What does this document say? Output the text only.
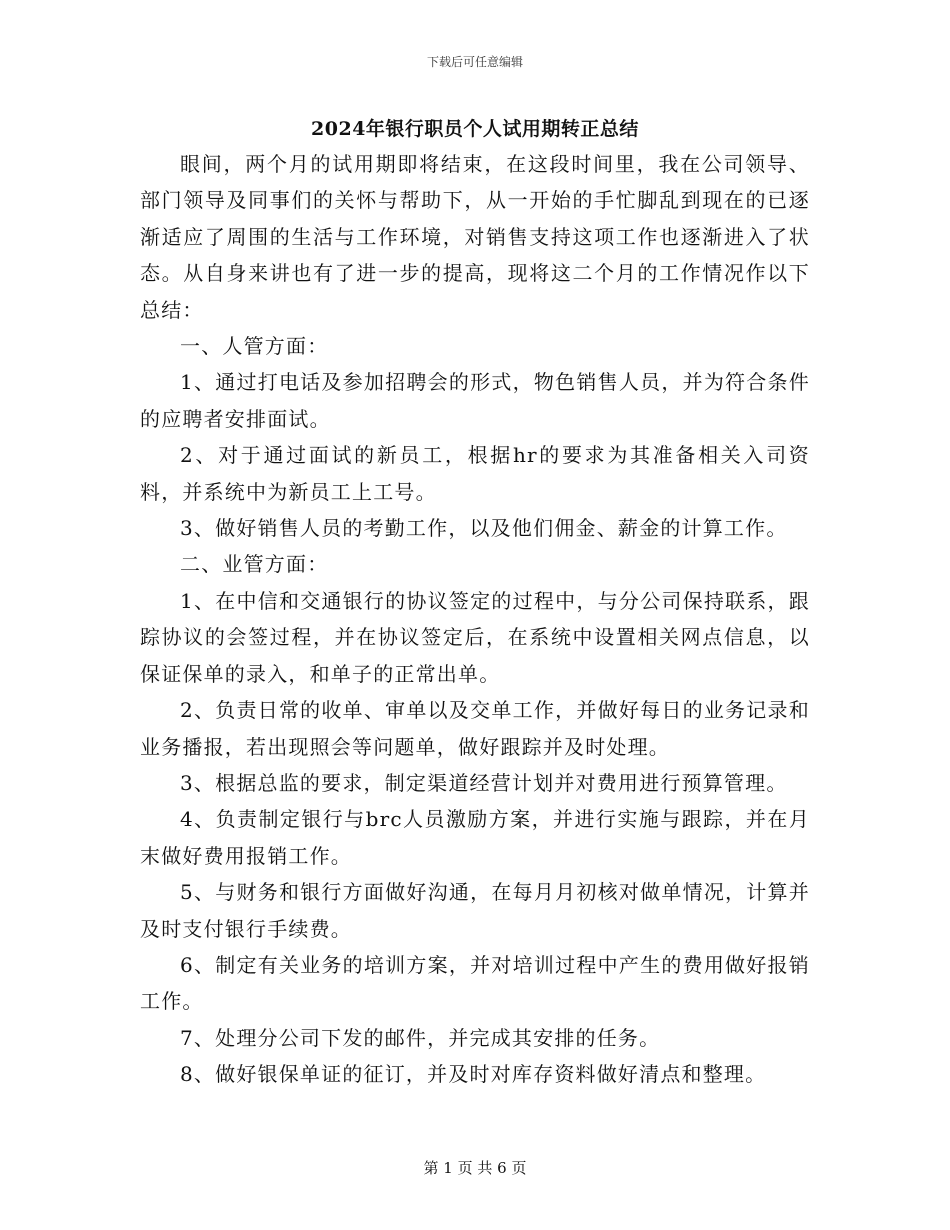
下载后可任意编辑
2024年银行职员个人试用期转正总结

眼间，两个月的试用期即将结束，在这段时间里，我在公司领导、部门领导及同事们的关怀与帮助下，从一开始的手忙脚乱到现在的已逐渐适应了周围的生活与工作环境，对销售支持这项工作也逐渐进入了状态。从自身来讲也有了进一步的提高，现将这二个月的工作情况作以下总结：

一、人管方面：

1、通过打电话及参加招聘会的形式，物色销售人员，并为符合条件的应聘者安排面试。

2、对于通过面试的新员工，根据hr的要求为其准备相关入司资料，并系统中为新员工上工号。

3、做好销售人员的考勤工作，以及他们佣金、薪金的计算工作。

二、业管方面：

1、在中信和交通银行的协议签定的过程中，与分公司保持联系，跟踪协议的会签过程，并在协议签定后，在系统中设置相关网点信息，以保证保单的录入，和单子的正常出单。

2、负责日常的收单、审单以及交单工作，并做好每日的业务记录和业务播报，若出现照会等问题单，做好跟踪并及时处理。

3、根据总监的要求，制定渠道经营计划并对费用进行预算管理。

4、负责制定银行与brc人员激励方案，并进行实施与跟踪，并在月末做好费用报销工作。

5、与财务和银行方面做好沟通，在每月月初核对做单情况，计算并及时支付银行手续费。

6、制定有关业务的培训方案，并对培训过程中产生的费用做好报销工作。

7、处理分公司下发的邮件，并完成其安排的任务。

8、做好银保单证的征订，并及时对库存资料做好清点和整理。

第 1 页 共 6 页
